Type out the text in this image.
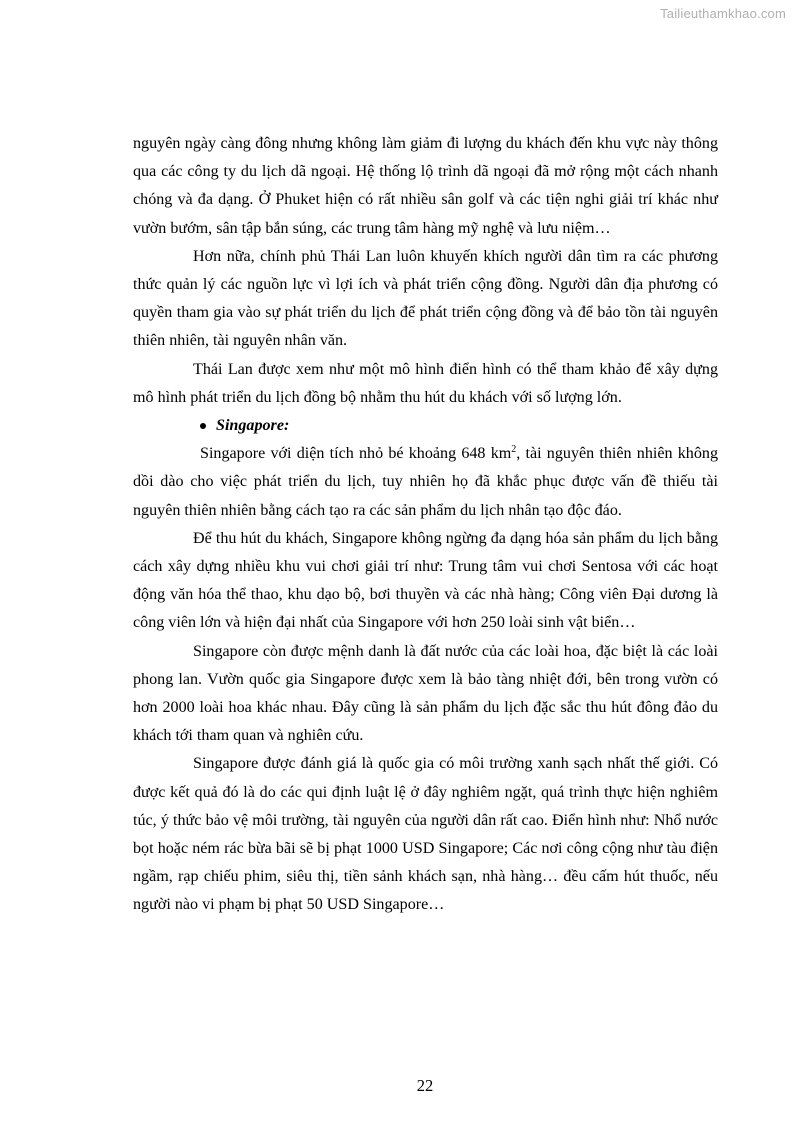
Tailieuthamkhao.com

nguyên ngày càng đông nhưng không làm giảm đi lượng du khách đến khu vực này thông qua các công ty du lịch dã ngoại. Hệ thống lộ trình dã ngoại đã mở rộng một cách nhanh chóng và đa dạng. Ở Phuket hiện có rất nhiều sân golf và các tiện nghi giải trí khác như vườn bướm, sân tập bắn súng, các trung tâm hàng mỹ nghệ và lưu niệm…

Hơn nữa, chính phủ Thái Lan luôn khuyến khích người dân tìm ra các phương thức quản lý các nguồn lực vì lợi ích và phát triển cộng đồng. Người dân địa phương có quyền tham gia vào sự phát triển du lịch để phát triển cộng đồng và để bảo tồn tài nguyên thiên nhiên, tài nguyên nhân văn.

Thái Lan được xem như một mô hình điển hình có thể tham khảo để xây dựng mô hình phát triển du lịch đồng bộ nhằm thu hút du khách với số lượng lớn.

Singapore:

Singapore với diện tích nhỏ bé khoảng 648 $km^2$, tài nguyên thiên nhiên không dồi dào cho việc phát triển du lịch, tuy nhiên họ đã khắc phục được vấn đề thiếu tài nguyên thiên nhiên bằng cách tạo ra các sản phẩm du lịch nhân tạo độc đáo.

Để thu hút du khách, Singapore không ngừng đa dạng hóa sản phẩm du lịch bằng cách xây dựng nhiều khu vui chơi giải trí như: Trung tâm vui chơi Sentosa với các hoạt động văn hóa thể thao, khu dạo bộ, bơi thuyền và các nhà hàng; Công viên Đại dương là công viên lớn và hiện đại nhất của Singapore với hơn 250 loài sinh vật biển…

Singapore còn được mệnh danh là đất nước của các loài hoa, đặc biệt là các loài phong lan. Vườn quốc gia Singapore được xem là bảo tàng nhiệt đới, bên trong vườn có hơn 2000 loài hoa khác nhau. Đây cũng là sản phẩm du lịch đặc sắc thu hút đông đảo du khách tới tham quan và nghiên cứu.

Singapore được đánh giá là quốc gia có môi trường xanh sạch nhất thế giới. Có được kết quả đó là do các qui định luật lệ ở đây nghiêm ngặt, quá trình thực hiện nghiêm túc, ý thức bảo vệ môi trường, tài nguyên của người dân rất cao. Điển hình như: Nhổ nước bọt hoặc ném rác bừa bãi sẽ bị phạt 1000 USD Singapore; Các nơi công cộng như tàu điện ngầm, rạp chiếu phim, siêu thị, tiền sảnh khách sạn, nhà hàng… đều cấm hút thuốc, nếu người nào vi phạm bị phạt 50 USD Singapore…

22
